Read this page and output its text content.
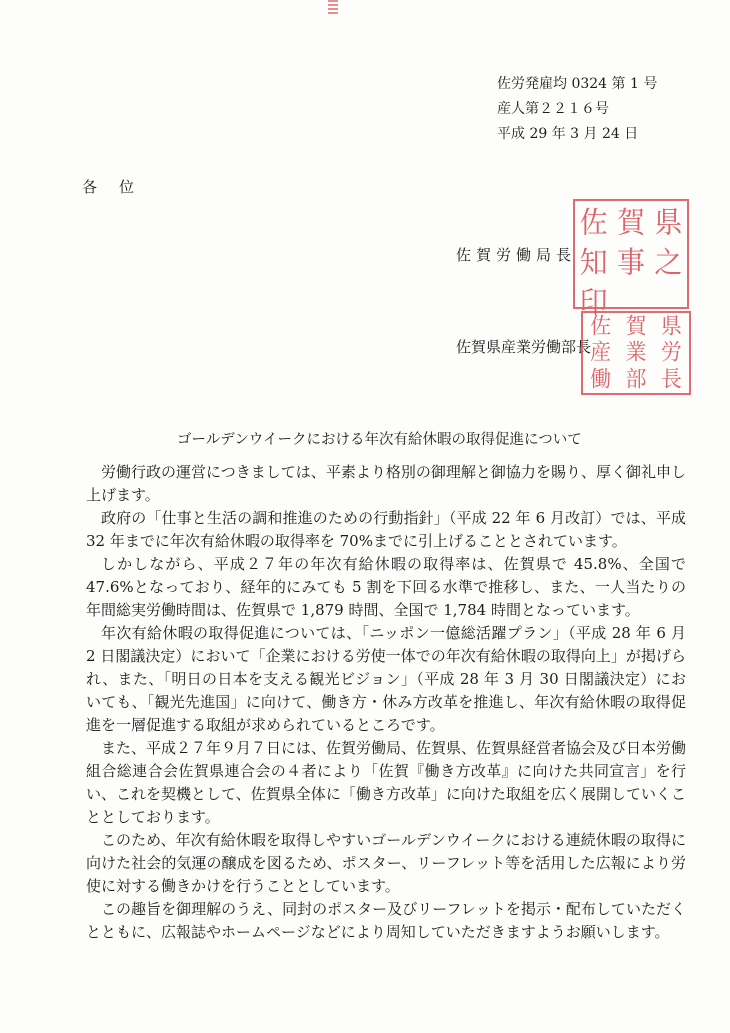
佐労発雇均 0324 第 1 号
産人第２２１６号
平成 29 年 3 月 24 日
各位
佐賀労働局長
佐賀県産業労働部長
佐 賀 県
知 事 之
印
佐 賀 県
産 業 労
働 部 長
ゴールデンウイークにおける年次有給休暇の取得促進について

労働行政の運営につきましては、平素より格別の御理解と御協力を賜り、厚く御礼申し上げます。

政府の「仕事と生活の調和推進のための行動指針」（平成 22 年 6 月改訂）では、平成 32 年までに年次有給休暇の取得率を 70%までに引上げることとされています。

しかしながら、平成２７年の年次有給休暇の取得率は、佐賀県で 45.8%、全国で 47.6%となっており、経年的にみても 5 割を下回る水準で推移し、また、一人当たりの年間総実労働時間は、佐賀県で 1,879 時間、全国で 1,784 時間となっています。

年次有給休暇の取得促進については、「ニッポン一億総活躍プラン」（平成 28 年 6 月 2 日閣議決定）において「企業における労使一体での年次有給休暇の取得向上」が掲げられ、また、「明日の日本を支える観光ビジョン」（平成 28 年 3 月 30 日閣議決定）においても、「観光先進国」に向けて、働き方・休み方改革を推進し、年次有給休暇の取得促進を一層促進する取組が求められているところです。

また、平成２７年９月７日には、佐賀労働局、佐賀県、佐賀県経営者協会及び日本労働組合総連合会佐賀県連合会の４者により「佐賀『働き方改革』に向けた共同宣言」を行い、これを契機として、佐賀県全体に「働き方改革」に向けた取組を広く展開していくこととしております。

このため、年次有給休暇を取得しやすいゴールデンウイークにおける連続休暇の取得に向けた社会的気運の醸成を図るため、ポスター、リーフレット等を活用した広報により労使に対する働きかけを行うこととしています。

この趣旨を御理解のうえ、同封のポスター及びリーフレットを掲示・配布していただくとともに、広報誌やホームページなどにより周知していただきますようお願いします。
